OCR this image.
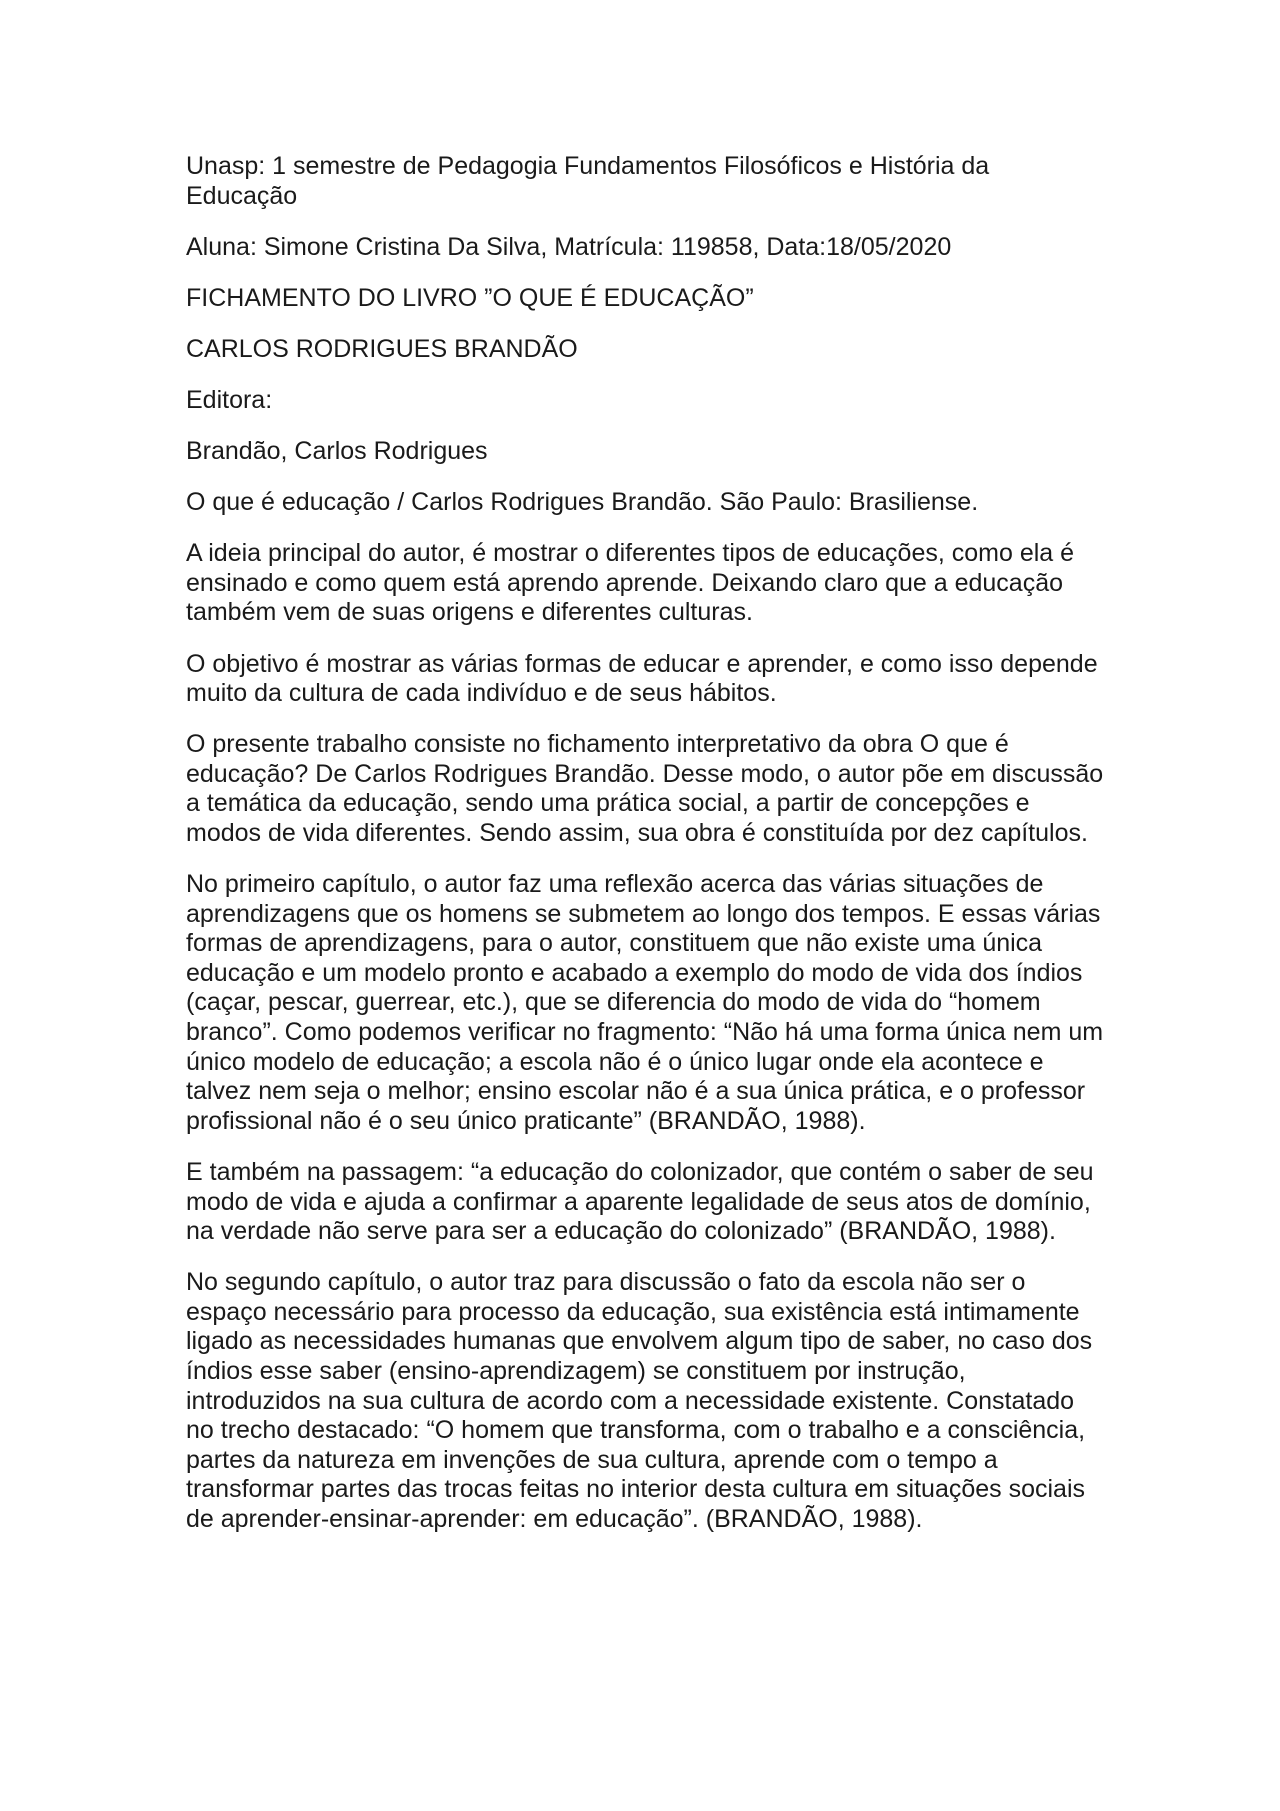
Unasp: 1 semestre de Pedagogia Fundamentos Filosóficos e História da Educação

Aluna: Simone Cristina Da Silva, Matrícula: 119858, Data:18/05/2020

FICHAMENTO DO LIVRO ”O QUE É EDUCAÇÃO”

CARLOS RODRIGUES BRANDÃO

Editora:

Brandão, Carlos Rodrigues

O que é educação / Carlos Rodrigues Brandão. São Paulo: Brasiliense.

A ideia principal do autor, é mostrar o diferentes tipos de educações, como ela é ensinado e como quem está aprendo aprende. Deixando claro que a educação também vem de suas origens e diferentes culturas.

O objetivo é mostrar as várias formas de educar e aprender, e como isso depende muito da cultura de cada indivíduo e de seus hábitos.

O presente trabalho consiste no fichamento interpretativo da obra O que é educação? De Carlos Rodrigues Brandão. Desse modo, o autor põe em discussão a temática da educação, sendo uma prática social, a partir de concepções e modos de vida diferentes. Sendo assim, sua obra é constituída por dez capítulos.

No primeiro capítulo, o autor faz uma reflexão acerca das várias situações de aprendizagens que os homens se submetem ao longo dos tempos. E essas várias formas de aprendizagens, para o autor, constituem que não existe uma única educação e um modelo pronto e acabado a exemplo do modo de vida dos índios (caçar, pescar, guerrear, etc.), que se diferencia do modo de vida do “homem branco”. Como podemos verificar no fragmento: “Não há uma forma única nem um único modelo de educação; a escola não é o único lugar onde ela acontece e talvez nem seja o melhor; ensino escolar não é a sua única prática, e o professor profissional não é o seu único praticante” (BRANDÃO, 1988).

E também na passagem: “a educação do colonizador, que contém o saber de seu modo de vida e ajuda a confirmar a aparente legalidade de seus atos de domínio, na verdade não serve para ser a educação do colonizado” (BRANDÃO, 1988).

No segundo capítulo, o autor traz para discussão o fato da escola não ser o espaço necessário para processo da educação, sua existência está intimamente ligado as necessidades humanas que envolvem algum tipo de saber, no caso dos índios esse saber (ensino-aprendizagem) se constituem por instrução, introduzidos na sua cultura de acordo com a necessidade existente. Constatado no trecho destacado: “O homem que transforma, com o trabalho e a consciência, partes da natureza em invenções de sua cultura, aprende com o tempo a transformar partes das trocas feitas no interior desta cultura em situações sociais de aprender-ensinar-aprender: em educação”. (BRANDÃO, 1988).
